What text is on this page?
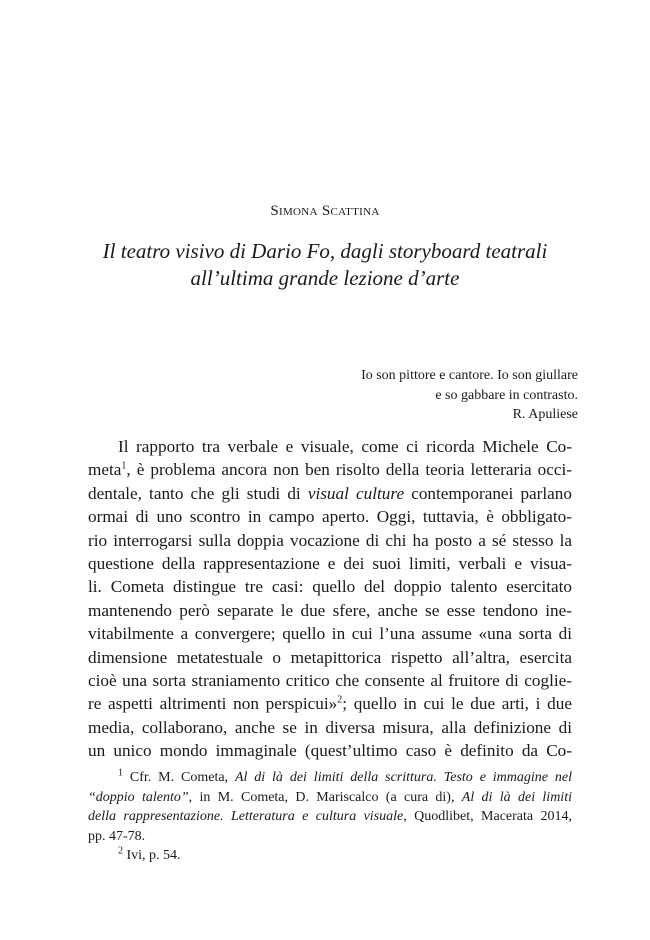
Simona Scattina
Il teatro visivo di Dario Fo, dagli storyboard teatrali
all’ultima grande lezione d’arte
Io son pittore e cantore. Io son giullare
e so gabbare in contrasto.
R. Apuliese
Il rapporto tra verbale e visuale, come ci ricorda Michele Co-
meta$^1$, è problema ancora non ben risolto della teoria letteraria occi-
dentale, tanto che gli studi di visual culture contemporanei parlano
ormai di uno scontro in campo aperto. Oggi, tuttavia, è obbligato-
rio interrogarsi sulla doppia vocazione di chi ha posto a sé stesso la
questione della rappresentazione e dei suoi limiti, verbali e visua-
li. Cometa distingue tre casi: quello del doppio talento esercitato
mantenendo però separate le due sfere, anche se esse tendono ine-
vitabilmente a convergere; quello in cui l’una assume «una sorta di
dimensione metatestuale o metapittorica rispetto all’altra, esercita
cioè una sorta straniamento critico che consente al fruitore di coglie-
re aspetti altrimenti non perspicui»$^2$; quello in cui le due arti, i due
media, collaborano, anche se in diversa misura, alla definizione di
un unico mondo immaginale (quest’ultimo caso è definito da Co-
$^1$ Cfr. M. Cometa, Al di là dei limiti della scrittura. Testo e immagine nel
“doppio talento”, in M. Cometa, D. Mariscalco (a cura di), Al di là dei limiti
della rappresentazione. Letteratura e cultura visuale, Quodlibet, Macerata 2014,
pp. 47-78.
$^2$ Ivi, p. 54.
